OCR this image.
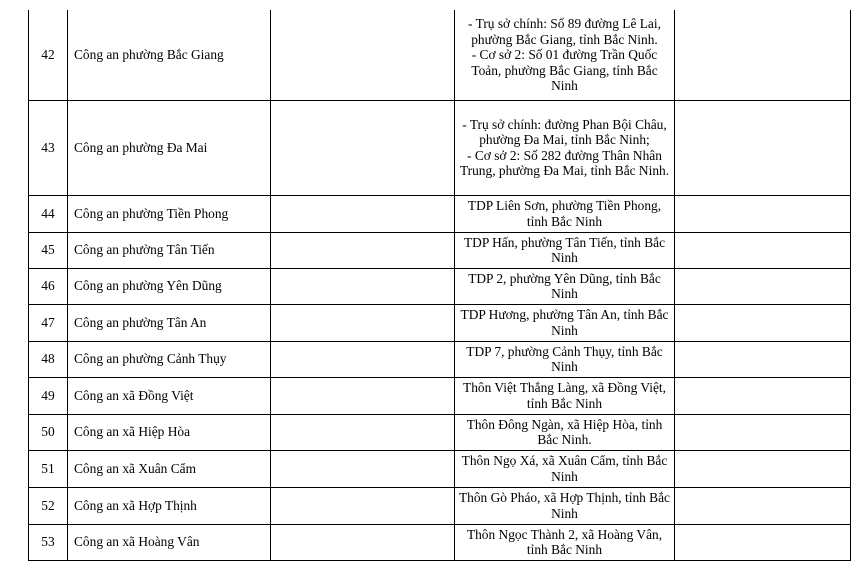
42	Công an phường Bắc Giang		- Trụ sở chính: Số 89 đường Lê Lai, phường Bắc Giang, tỉnh Bắc Ninh.
- Cơ sở 2: Số 01 đường Trần Quốc Toản, phường Bắc Giang, tỉnh Bắc Ninh	

43	Công an phường Đa Mai		- Trụ sở chính: đường Phan Bội Châu, phường Đa Mai, tỉnh Bắc Ninh;
- Cơ sở 2: Số 282 đường Thân Nhân Trung, phường Đa Mai, tỉnh Bắc Ninh.	

44	Công an phường Tiền Phong		TDP Liên Sơn, phường Tiền Phong, tỉnh Bắc Ninh	

45	Công an phường Tân Tiến		TDP Hấn, phường Tân Tiến, tỉnh Bắc Ninh	

46	Công an phường Yên Dũng		TDP 2, phường Yên Dũng, tỉnh Bắc Ninh	

47	Công an phường Tân An		TDP Hương, phường Tân An, tỉnh Bắc Ninh	

48	Công an phường Cảnh Thụy		TDP 7, phường Cảnh Thụy, tỉnh Bắc Ninh	

49	Công an xã Đồng Việt		Thôn Việt Thắng Làng, xã Đồng Việt, tỉnh Bắc Ninh	

50	Công an xã Hiệp Hòa		Thôn Đông Ngàn, xã Hiệp Hòa, tỉnh Bắc Ninh.	

51	Công an xã Xuân Cẩm		Thôn Ngọ Xá, xã Xuân Cẩm, tỉnh Bắc Ninh	

52	Công an xã Hợp Thịnh		Thôn Gò Pháo, xã Hợp Thịnh, tỉnh Bắc Ninh	

53	Công an xã Hoàng Vân		Thôn Ngọc Thành 2, xã Hoàng Vân, tỉnh Bắc Ninh	
